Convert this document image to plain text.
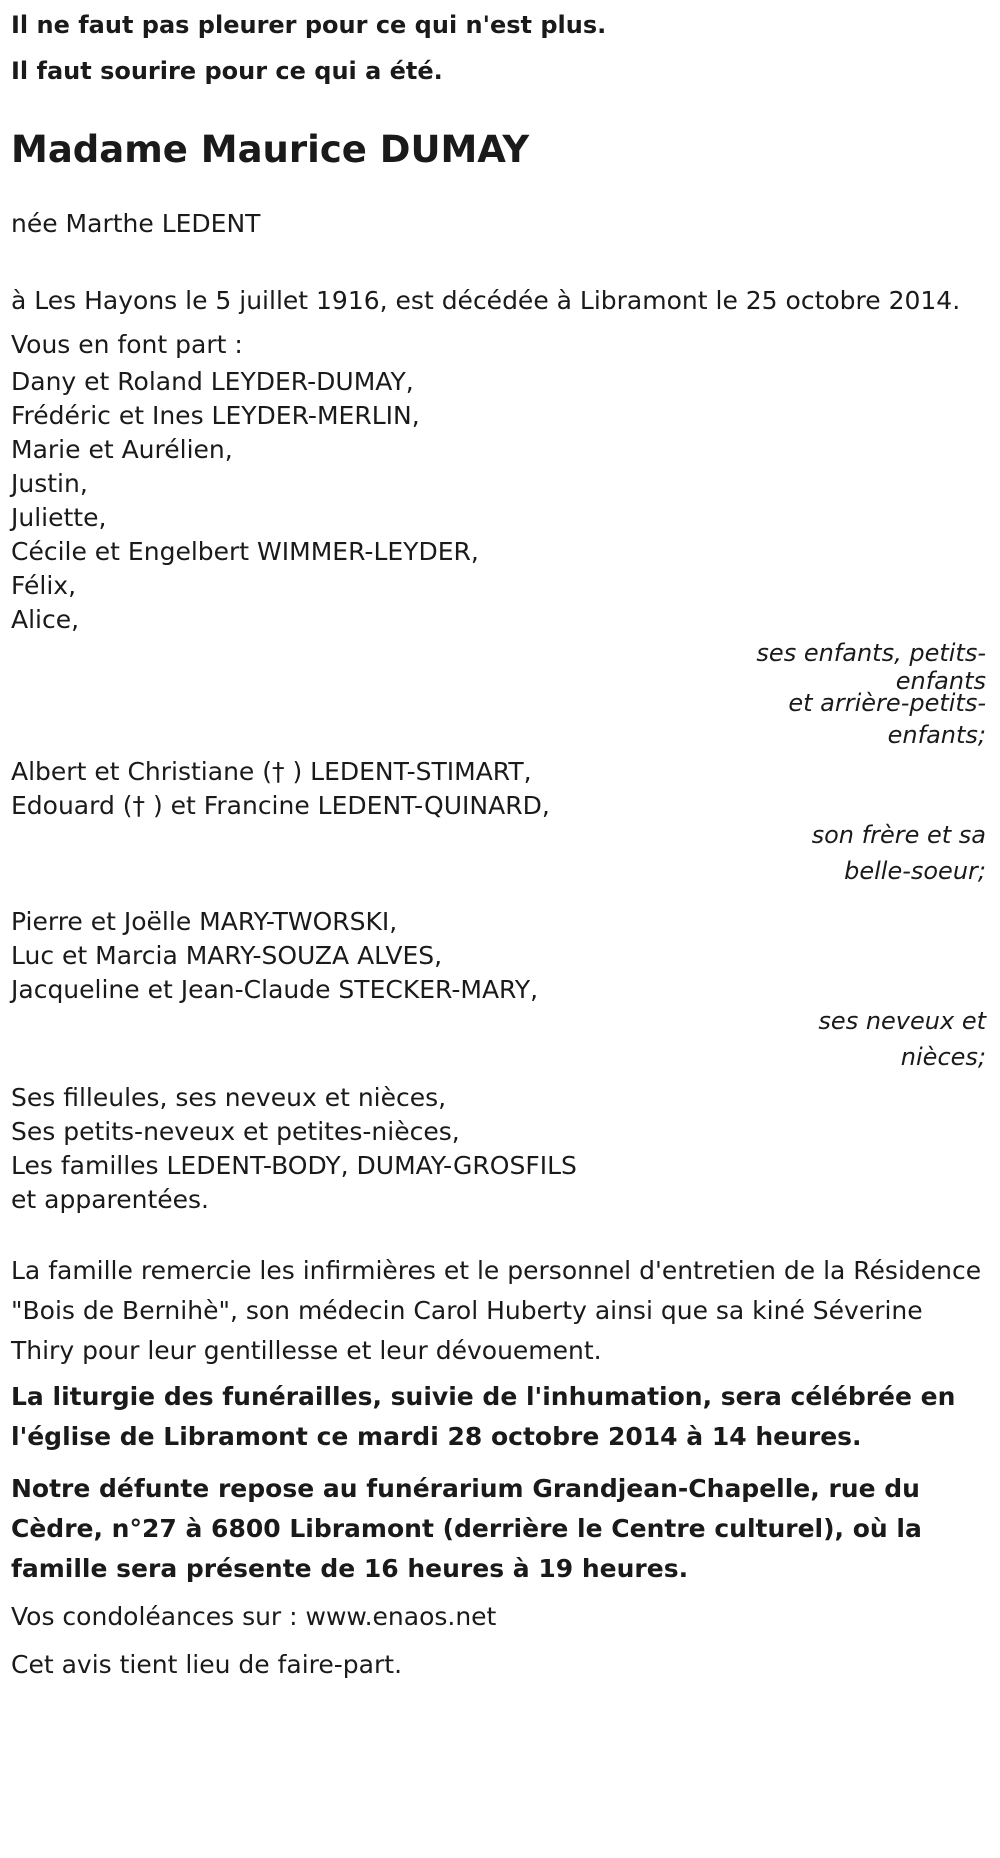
Il ne faut pas pleurer pour ce qui n'est plus.

Il faut sourire pour ce qui a été.

Madame Maurice DUMAY

née Marthe LEDENT

à Les Hayons le 5 juillet 1916, est décédée à Libramont le 25 octobre 2014.

Vous en font part :

Dany et Roland LEYDER-DUMAY,

Frédéric et Ines LEYDER-MERLIN,

Marie et Aurélien,

Justin,

Juliette,

Cécile et Engelbert WIMMER-LEYDER,

Félix,

Alice,

ses enfants, petits-

enfants

et arrière-petits-

enfants;

Albert et Christiane († ) LEDENT-STIMART,

Edouard († ) et Francine LEDENT-QUINARD,

son frère et sa

belle-soeur;

Pierre et Joëlle MARY-TWORSKI,

Luc et Marcia MARY-SOUZA ALVES,

Jacqueline et Jean-Claude STECKER-MARY,

ses neveux et

nièces;

Ses filleules, ses neveux et nièces,

Ses petits-neveux et petites-nièces,

Les familles LEDENT-BODY, DUMAY-GROSFILS

et apparentées.

La famille remercie les infirmières et le personnel d'entretien de la Résidence "Bois de Bernihè", son médecin Carol Huberty ainsi que sa kiné Séverine Thiry pour leur gentillesse et leur dévouement.

La liturgie des funérailles, suivie de l'inhumation, sera célébrée en l'église de Libramont ce mardi 28 octobre 2014 à 14 heures.

Notre défunte repose au funérarium Grandjean-Chapelle, rue du Cèdre, n°27 à 6800 Libramont (derrière le Centre culturel), où la famille sera présente de 16 heures à 19 heures.

Vos condoléances sur : www.enaos.net

Cet avis tient lieu de faire-part.
